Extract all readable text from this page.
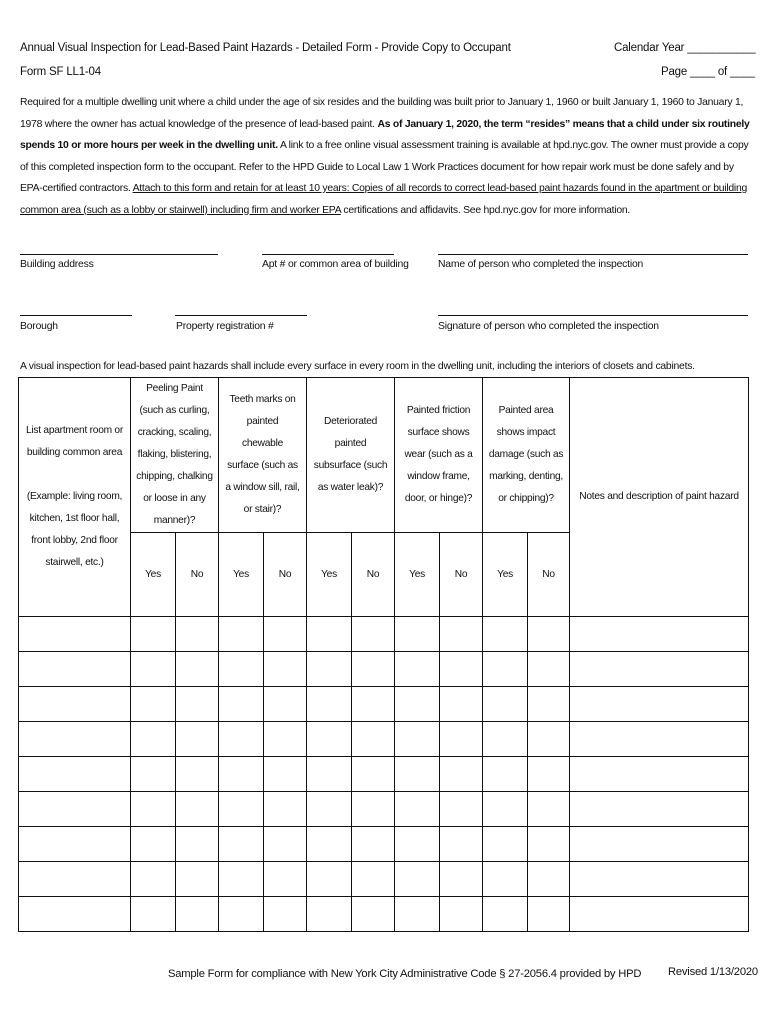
Annual Visual Inspection for Lead-Based Paint Hazards - Detailed Form - Provide Copy to Occupant
Form SF LL1-04
Calendar Year ___________
Page ____ of ____
Required for a multiple dwelling unit where a child under the age of six resides and the building was built prior to January 1, 1960 or built January 1, 1960 to January 1, 1978 where the owner has actual knowledge of the presence of lead-based paint. As of January 1, 2020, the term “resides” means that a child under six routinely spends 10 or more hours per week in the dwelling unit. A link to a free online visual assessment training is available at hpd.nyc.gov. The owner must provide a copy of this completed inspection form to the occupant. Refer to the HPD Guide to Local Law 1 Work Practices document for how repair work must be done safely and by EPA-certified contractors. Attach to this form and retain for at least 10 years: Copies of all records to correct lead-based paint hazards found in the apartment or building common area (such as a lobby or stairwell) including firm and worker EPA certifications and affidavits. See hpd.nyc.gov for more information.
Building address	Apt # or common area of building	Name of person who completed the inspection
Borough	Property registration #	Signature of person who completed the inspection
A visual inspection for lead-based paint hazards shall include every surface in every room in the dwelling unit, including the interiors of closets and cabinets.
List apartment room or building common area

(Example: living room, kitchen, 1st floor hall, front lobby, 2nd floor stairwell, etc.)	Peeling Paint (such as curling, cracking, scaling, flaking, blistering, chipping, chalking or loose in any manner)?		Teeth marks on painted chewable surface (such as a window sill, rail, or stair)?		Deteriorated painted subsurface (such as water leak)?		Painted friction surface shows wear (such as a window frame, door, or hinge)?		Painted area shows impact damage (such as marking, denting, or chipping)?		Notes and description of paint hazard
	Yes	No	Yes	No	Yes	No	Yes	No	Yes	No	

Sample Form for compliance with New York City Administrative Code § 27-2056.4 provided by HPD Revised 1/13/2020
